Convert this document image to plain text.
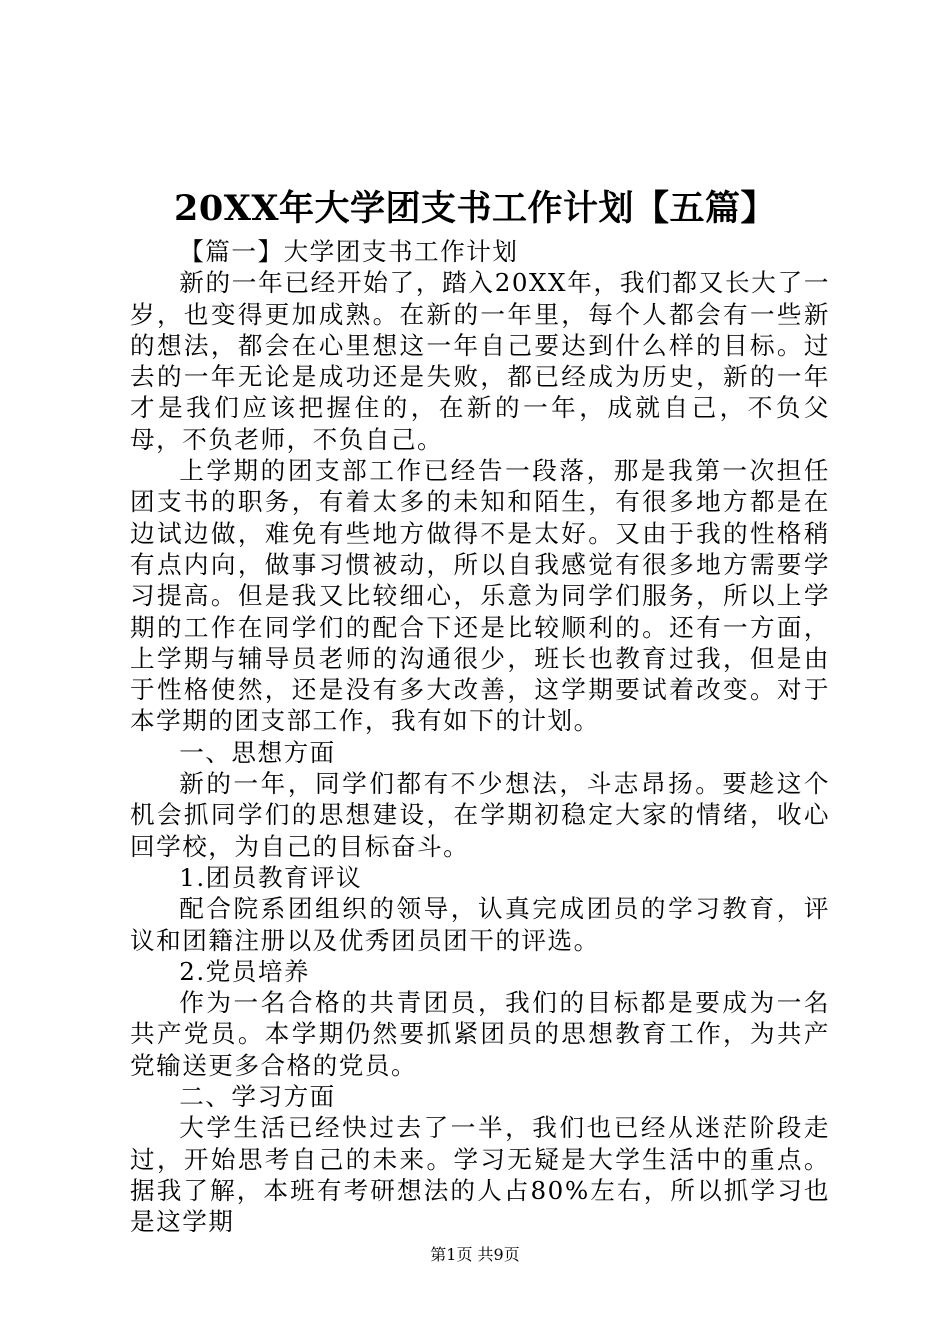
20XX年大学团支书工作计划【五篇】

【篇一】大学团支书工作计划

新的一年已经开始了，踏入20XX年，我们都又长大了一岁，也变得更加成熟。在新的一年里，每个人都会有一些新的想法，都会在心里想这一年自己要达到什么样的目标。过去的一年无论是成功还是失败，都已经成为历史，新的一年才是我们应该把握住的，在新的一年，成就自己，不负父母，不负老师，不负自己。

上学期的团支部工作已经告一段落，那是我第一次担任团支书的职务，有着太多的未知和陌生，有很多地方都是在边试边做，难免有些地方做得不是太好。又由于我的性格稍有点内向，做事习惯被动，所以自我感觉有很多地方需要学习提高。但是我又比较细心，乐意为同学们服务，所以上学期的工作在同学们的配合下还是比较顺利的。还有一方面，上学期与辅导员老师的沟通很少，班长也教育过我，但是由于性格使然，还是没有多大改善，这学期要试着改变。对于本学期的团支部工作，我有如下的计划。

一、思想方面

新的一年，同学们都有不少想法，斗志昂扬。要趁这个机会抓同学们的思想建设，在学期初稳定大家的情绪，收心回学校，为自己的目标奋斗。

1.团员教育评议

配合院系团组织的领导，认真完成团员的学习教育，评议和团籍注册以及优秀团员团干的评选。

2.党员培养

作为一名合格的共青团员，我们的目标都是要成为一名共产党员。本学期仍然要抓紧团员的思想教育工作，为共产党输送更多合格的党员。

二、学习方面

大学生活已经快过去了一半，我们也已经从迷茫阶段走过，开始思考自己的未来。学习无疑是大学生活中的重点。据我了解，本班有考研想法的人占80%左右，所以抓学习也是这学期

第1页 共9页
